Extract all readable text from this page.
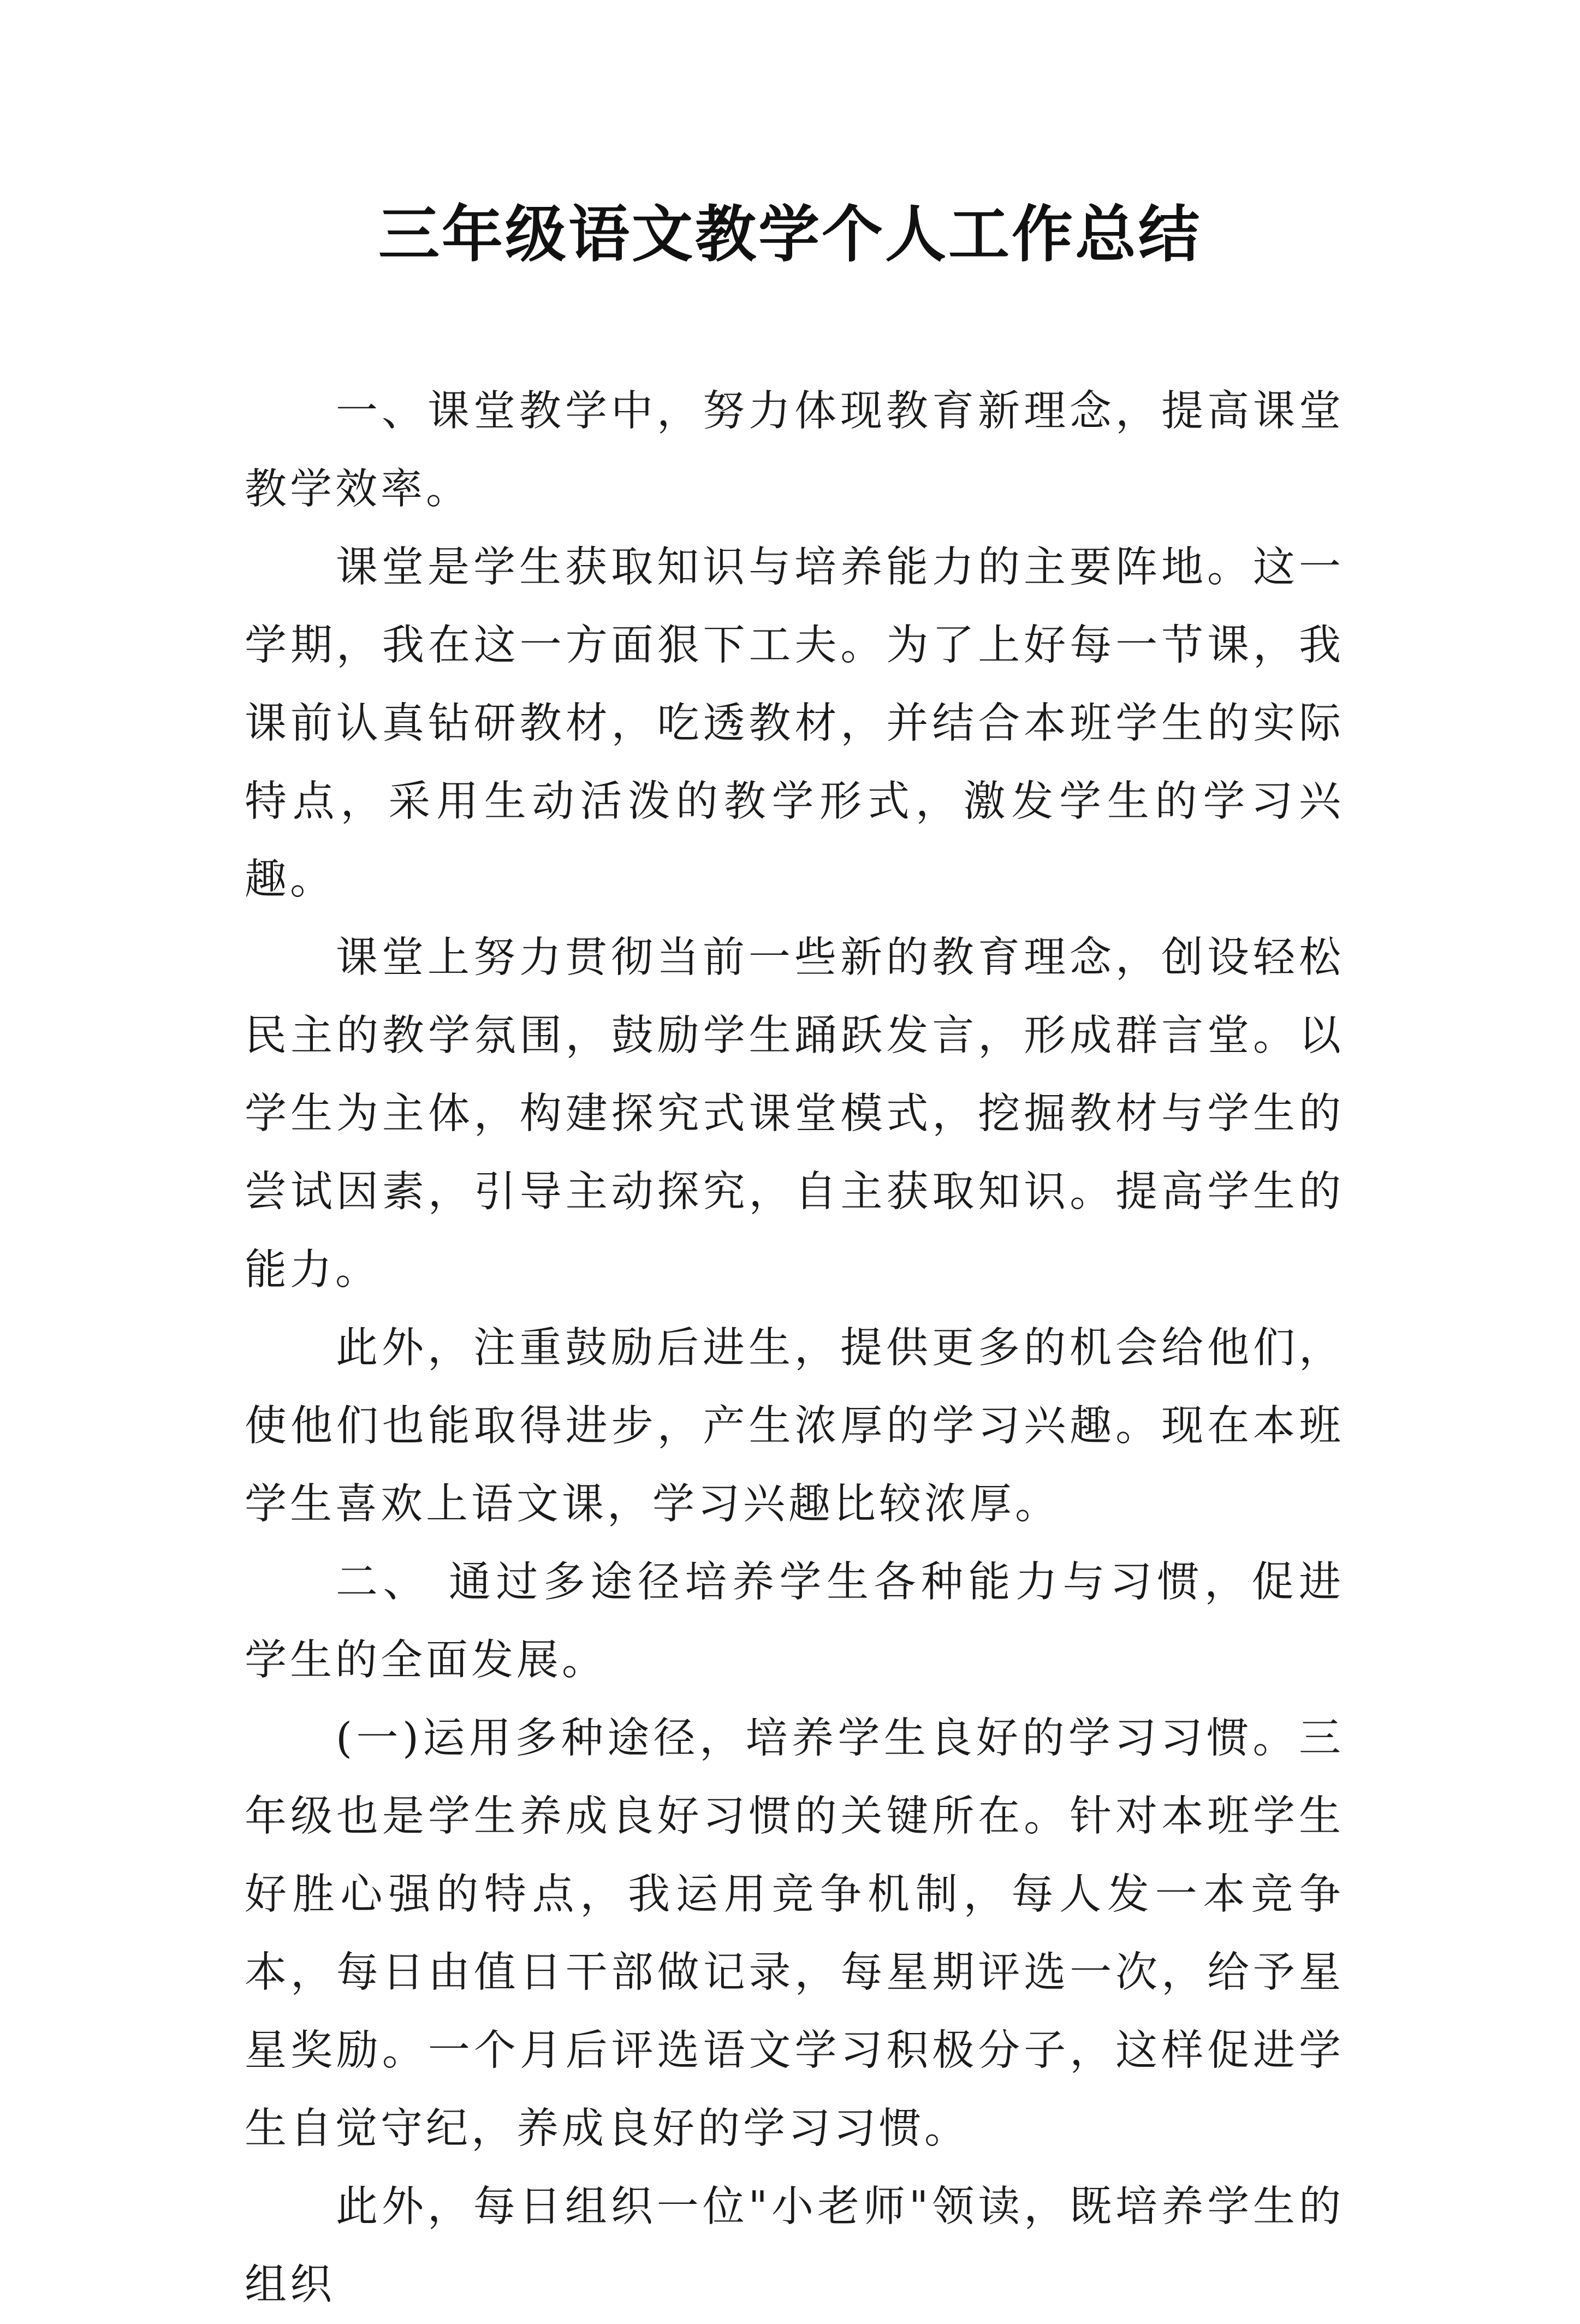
三年级语文教学个人工作总结

一、课堂教学中，努力体现教育新理念，提高课堂教学效率。

课堂是学生获取知识与培养能力的主要阵地。这一学期，我在这一方面狠下工夫。为了上好每一节课，我课前认真钻研教材，吃透教材，并结合本班学生的实际特点，采用生动活泼的教学形式，激发学生的学习兴趣。

课堂上努力贯彻当前一些新的教育理念，创设轻松民主的教学氛围，鼓励学生踊跃发言，形成群言堂。以学生为主体，构建探究式课堂模式，挖掘教材与学生的尝试因素，引导主动探究，自主获取知识。提高学生的能力。

此外，注重鼓励后进生，提供更多的机会给他们，使他们也能取得进步，产生浓厚的学习兴趣。现在本班学生喜欢上语文课，学习兴趣比较浓厚。

二、 通过多途径培养学生各种能力与习惯，促进学生的全面发展。

(一)运用多种途径，培养学生良好的学习习惯。三年级也是学生养成良好习惯的关键所在。针对本班学生好胜心强的特点，我运用竞争机制，每人发一本竞争本，每日由值日干部做记录，每星期评选一次，给予星星奖励。一个月后评选语文学习积极分子，这样促进学生自觉守纪，养成良好的学习习惯。

此外，每日组织一位"小老师"领读，既培养学生的组织
